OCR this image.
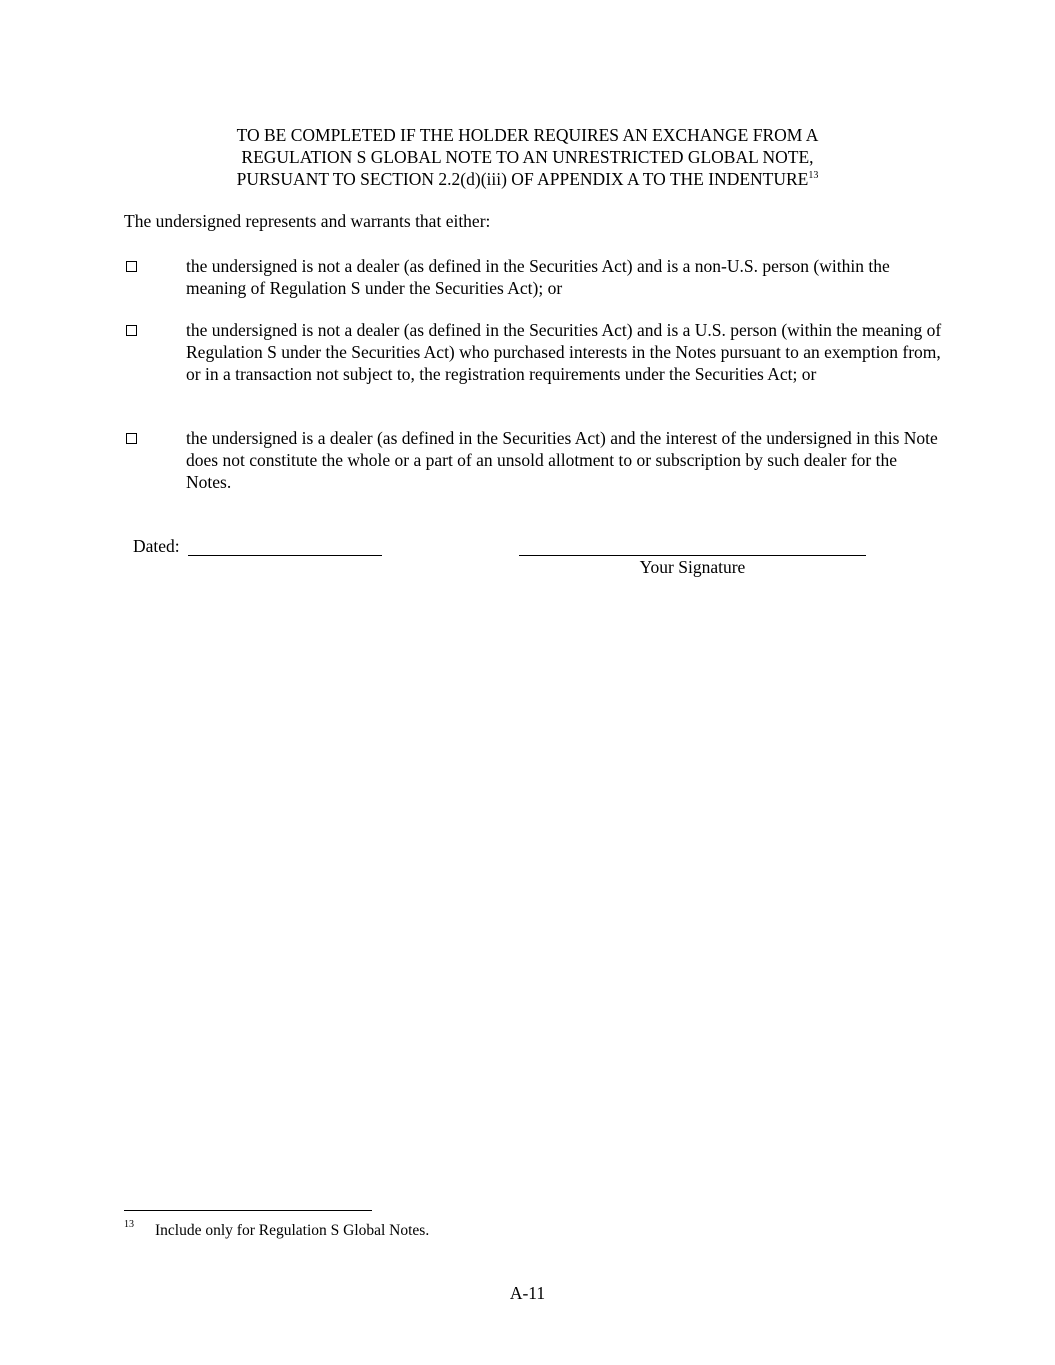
TO BE COMPLETED IF THE HOLDER REQUIRES AN EXCHANGE FROM A
REGULATION S GLOBAL NOTE TO AN UNRESTRICTED GLOBAL NOTE,
PURSUANT TO SECTION 2.2(d)(iii) OF APPENDIX A TO THE INDENTURE$^{13}$
The undersigned represents and warrants that either:
the undersigned is not a dealer (as defined in the Securities Act) and is a non-U.S. person (within the meaning of Regulation S under the Securities Act); or
the undersigned is not a dealer (as defined in the Securities Act) and is a U.S. person (within the meaning of Regulation S under the Securities Act) who purchased interests in the Notes pursuant to an exemption from, or in a transaction not subject to, the registration requirements under the Securities Act; or
the undersigned is a dealer (as defined in the Securities Act) and the interest of the undersigned in this Note does not constitute the whole or a part of an unsold allotment to or subscription by such dealer for the Notes.
Dated:
Your Signature
13 Include only for Regulation S Global Notes.
A-11
